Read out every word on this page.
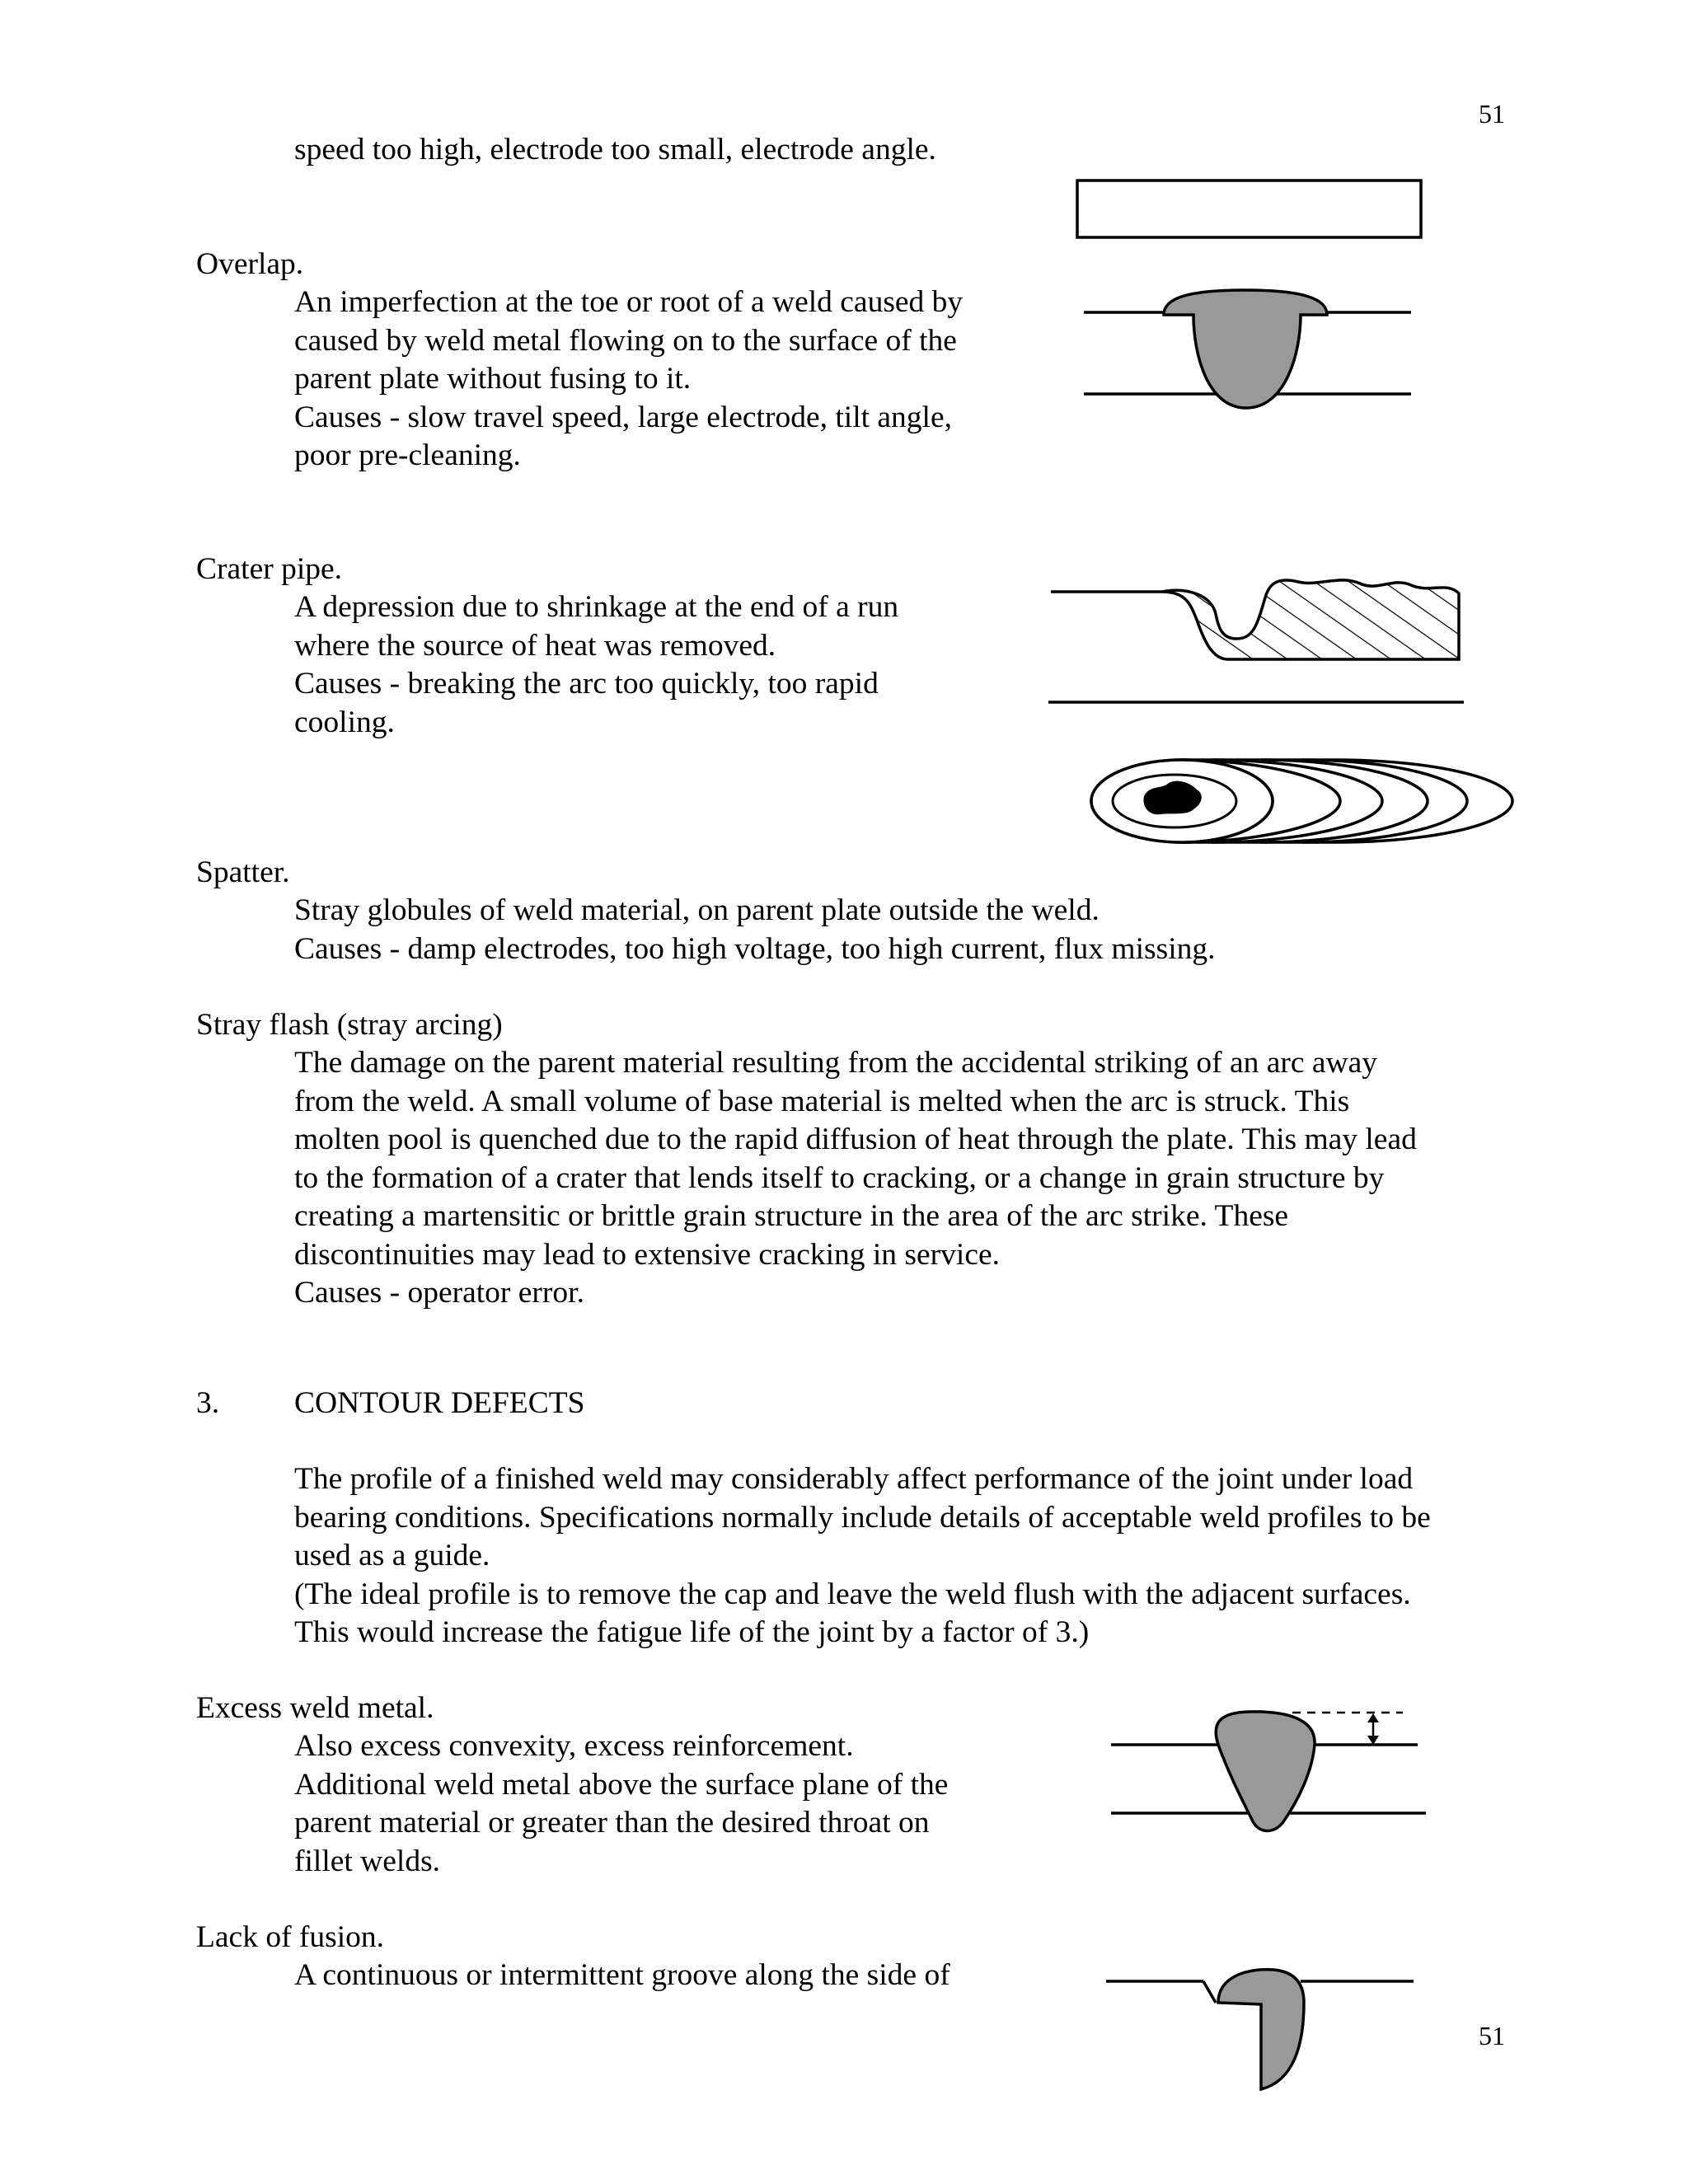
51
51
speed too high, electrode too small, electrode angle.
Overlap.
An imperfection at the toe or root of a weld caused by
caused by weld metal flowing on to the surface of the
parent plate without fusing to it.
Causes - slow travel speed, large electrode, tilt angle,
poor pre-cleaning.
Crater pipe.
A depression due to shrinkage at the end of a run
where the source of heat was removed.
Causes - breaking the arc too quickly, too rapid
cooling.
Spatter.
Stray globules of weld material, on parent plate outside the weld.
Causes - damp electrodes, too high voltage, too high current, flux missing.
Stray flash (stray arcing)
The damage on the parent material resulting from the accidental striking of an arc away
from the weld. A small volume of base material is melted when the arc is struck. This
molten pool is quenched due to the rapid diffusion of heat through the plate. This may lead
to the formation of a crater that lends itself to cracking, or a change in grain structure by
creating a martensitic or brittle grain structure in the area of the arc strike. These
discontinuities may lead to extensive cracking in service.
Causes - operator error.
3. CONTOUR DEFECTS
The profile of a finished weld may considerably affect performance of the joint under load
bearing conditions. Specifications normally include details of acceptable weld profiles to be
used as a guide.
(The ideal profile is to remove the cap and leave the weld flush with the adjacent surfaces.
This would increase the fatigue life of the joint by a factor of 3.)
Excess weld metal.
Also excess convexity, excess reinforcement.
Additional weld metal above the surface plane of the
parent material or greater than the desired throat on
fillet welds.
Lack of fusion.
A continuous or intermittent groove along the side of
